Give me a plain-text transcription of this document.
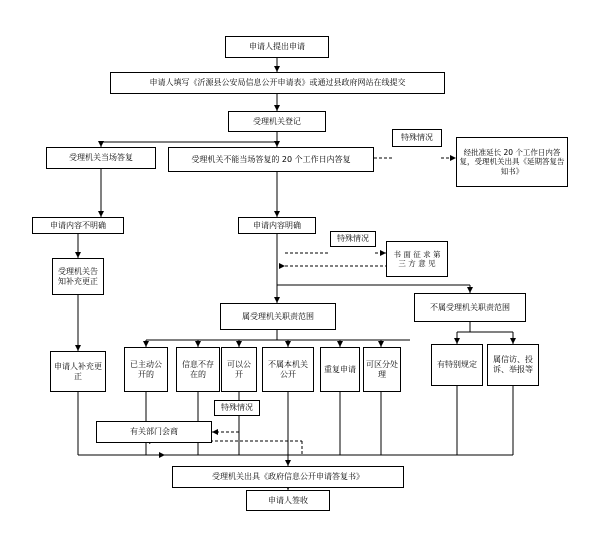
申请人提出申请
申请人填写《沂源县公安局信息公开申请表》或通过县政府网站在线提交
受理机关登记
受理机关当场答复	受理机关不能当场答复的 20 个工作日内答复
经批准延长 20 个工作日内答复，受理机关出具《延期答复告知书》
申请内容不明确	申请内容明确
书 面 征 求 第 三 方 意 见
受理机关告知补充更正
申请人补充更正
属受理机关职责范围
不属受理机关职责范围
已主动公开的
信息不存在的
可以公开
不属本机关公开
重复申请
可区分处理
有特别规定
属信访、投诉、举报等
有关部门会商
受理机关出具《政府信息公开申请答复书》
申请人签收
特殊情况
特殊情况
特殊情况
